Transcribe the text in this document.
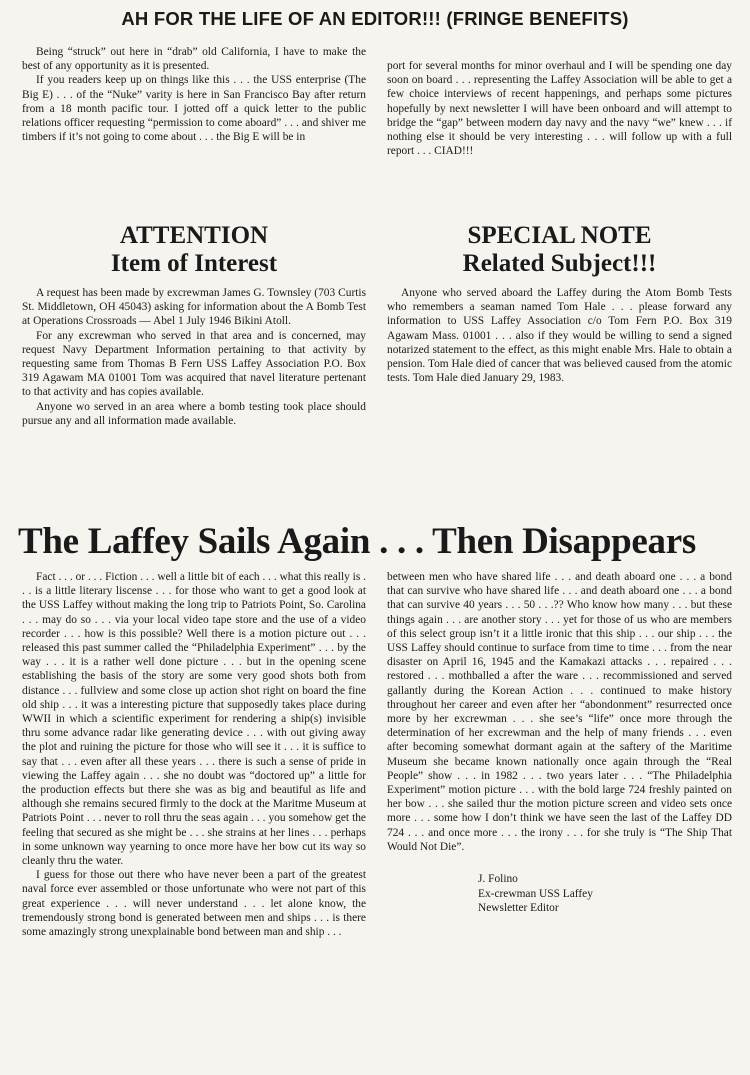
AH FOR THE LIFE OF AN EDITOR!!! (FRINGE BENEFITS)

Being “struck” out here in “drab” old California, I have to make the best of any opportunity as it is presented.

If you readers keep up on things like this . . . the USS enterprise (The Big E) . . . of the “Nuke” varity is here in San Francisco Bay after return from a 18 month pacific tour. I jotted off a quick letter to the public relations officer requesting “permission to come aboard” . . . and shiver me timbers if it’s not going to come about . . . the Big E will be in

port for several months for minor overhaul and I will be spending one day soon on board . . . representing the Laffey Association will be able to get a few choice interviews of recent happenings, and perhaps some pictures hopefully by next newsletter I will have been onboard and will attempt to bridge the “gap” between modern day navy and the navy “we” knew . . . if nothing else it should be very interesting . . . will follow up with a full report . . . CIAD!!!

ATTENTION
Item of Interest

A request has been made by excrewman James G. Townsley (703 Curtis St. Middletown, OH 45043) asking for information about the A Bomb Test at Operations Crossroads — Abel 1 July 1946 Bikini Atoll.

For any excrewman who served in that area and is concerned, may request Navy Department Information pertaining to that activity by requesting same from Thomas B Fern USS Laffey Association P.O. Box 319 Agawam MA 01001 Tom was acquired that navel literature pertenant to that activity and has copies available.

Anyone wo served in an area where a bomb testing took place should pursue any and all information made available.

SPECIAL NOTE
Related Subject!!!

Anyone who served aboard the Laffey during the Atom Bomb Tests who remembers a seaman named Tom Hale . . . please forward any information to USS Laffey Association c/o Tom Fern P.O. Box 319 Agawam Mass. 01001 . . . also if they would be willing to send a signed notarized statement to the effect, as this might enable Mrs. Hale to obtain a pension. Tom Hale died of cancer that was believed caused from the atomic tests. Tom Hale died January 29, 1983.

The Laffey Sails Again . . . Then Disappears

Fact . . . or . . . Fiction . . . well a little bit of each . . . what this really is . . . is a little literary liscense . . . for those who want to get a good look at the USS Laffey without making the long trip to Patriots Point, So. Carolina . . . may do so . . . via your local video tape store and the use of a video recorder . . . how is this possible? Well there is a motion picture out . . . released this past summer called the “Philadelphia Experiment” . . . by the way . . . it is a rather well done picture . . . but in the opening scene establishing the basis of the story are some very good shots both from distance . . . fullview and some close up action shot right on board the fine old ship . . . it was a interesting picture that supposedly takes place during WWII in which a scientific experiment for rendering a ship(s) invisible thru some advance radar like generating device . . . with out giving away the plot and ruining the picture for those who will see it . . . it is suffice to say that . . . even after all these years . . . there is such a sense of pride in viewing the Laffey again . . . she no doubt was “doctored up” a little for the production effects but there she was as big and beautiful as life and although she remains secured firmly to the dock at the Maritme Museum at Patriots Point . . . never to roll thru the seas again . . . you somehow get the feeling that secured as she might be . . . she strains at her lines . . . perhaps in some unknown way yearning to once more have her bow cut its way so cleanly thru the water.

I guess for those out there who have never been a part of the greatest naval force ever assembled or those unfortunate who were not part of this great experience . . . will never understand . . . let alone know, the tremendously strong bond is generated between men and ships . . . is there some amazingly strong unexplainable bond between man and ship . . .

between men who have shared life . . . and death aboard one . . . a bond that can survive who have shared life . . . and death aboard one . . . a bond that can survive 40 years . . . 50 . . .?? Who know how many . . . but these things again . . . are another story . . . yet for those of us who are members of this select group isn’t it a little ironic that this ship . . . our ship . . . the USS Laffey should continue to surface from time to time . . . from the near disaster on April 16, 1945 and the Kamakazi attacks . . . repaired . . . restored . . . mothballed a after the ware . . . recommissioned and served gallantly during the Korean Action . . . continued to make history throughout her career and even after her “abondonment” resurrected once more by her excrewman . . . she see’s “life” once more through the determination of her excrewman and the help of many friends . . . even after becoming somewhat dormant again at the saftery of the Maritime Museum she became known nationally once again through the “Real People” show . . . in 1982 . . . two years later . . . “The Philadelphia Experiment” motion picture . . . with the bold large 724 freshly painted on her bow . . . she sailed thur the motion picture screen and video sets once more . . . some how I don’t think we have seen the last of the Laffey DD 724 . . . and once more . . . the irony . . . for she truly is “The Ship That Would Not Die”.

J. Folino

Ex-crewman USS Laffey

Newsletter Editor
